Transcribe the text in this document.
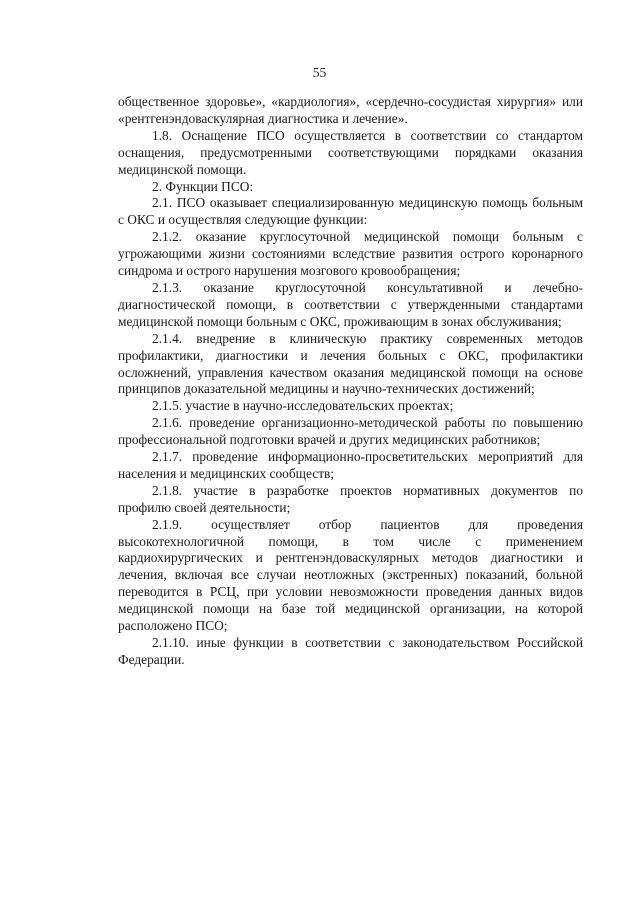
55

общественное здоровье», «кардиология», «сердечно-сосудистая хирургия» или «рентгенэндоваскулярная диагностика и лечение».

1.8. Оснащение ПСО осуществляется в соответствии со стандартом оснащения, предусмотренными соответствующими порядками оказания медицинской помощи.

2. Функции ПСО:

2.1. ПСО оказывает специализированную медицинскую помощь больным с ОКС и осуществляя следующие функции:

2.1.2. оказание круглосуточной медицинской помощи больным с угрожающими жизни состояниями вследствие развития острого коронарного синдрома и острого нарушения мозгового кровообращения;

2.1.3. оказание круглосуточной консультативной и лечебно-диагностической помощи, в соответствии с утвержденными стандартами медицинской помощи больным с ОКС, проживающим в зонах обслуживания;

2.1.4. внедрение в клиническую практику современных методов профилактики, диагностики и лечения больных с ОКС, профилактики осложнений, управления качеством оказания медицинской помощи на основе принципов доказательной медицины и научно-технических достижений;

2.1.5. участие в научно-исследовательских проектах;

2.1.6. проведение организационно-методической работы по повышению профессиональной подготовки врачей и других медицинских работников;

2.1.7. проведение информационно-просветительских мероприятий для населения и медицинских сообществ;

2.1.8. участие в разработке проектов нормативных документов по профилю своей деятельности;

2.1.9. осуществляет отбор пациентов для проведения высокотехнологичной помощи, в том числе с применением кардиохирургических и рентгенэндоваскулярных методов диагностики и лечения, включая все случаи неотложных (экстренных) показаний, больной переводится в РСЦ, при условии невозможности проведения данных видов медицинской помощи на базе той медицинской организации, на которой расположено ПСО;

2.1.10. иные функции в соответствии с законодательством Российской Федерации.
